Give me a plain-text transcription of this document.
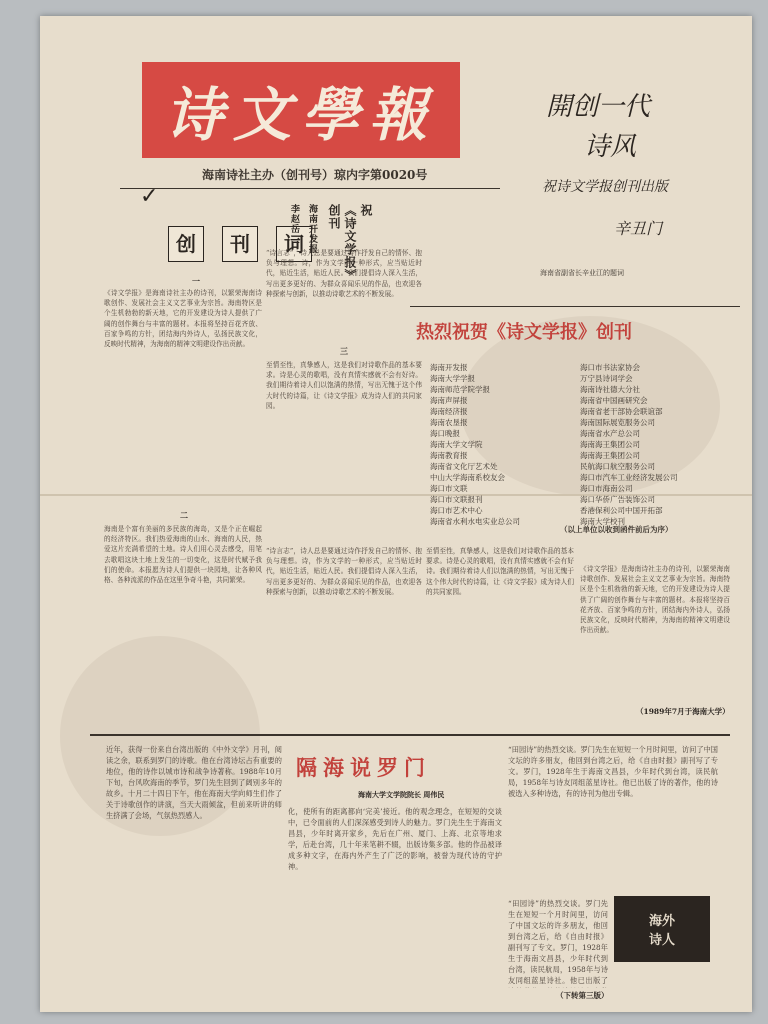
诗文學報
海南诗社主办（创刊号）琼内字第0020号
✓
開创一代
诗风
祝诗文学报创刊出版
辛丑门
海南省副省长辛业江的题词
创	刊	词
祝
《诗文学报》
创刊
海南开发报
李赵岳
一
《诗文学报》是海南诗社主办的诗刊，以繁荣海南诗歌创作、发展社会主义文艺事业为宗旨。海南特区是个生机勃勃的新天地，它的开发建设为诗人提供了广阔的创作舞台与丰富的题材。本报将坚持百花齐放、百家争鸣的方针，团结海内外诗人，弘扬民族文化，反映时代精神，为海南的精神文明建设作出贡献。
“诗言志”，诗人总是要通过诗作抒发自己的情怀、抱负与理想。诗，作为文学的一种形式，应当贴近时代，贴近生活，贴近人民。我们提倡诗人深入生活，写出更多更好的、为群众喜闻乐见的作品，也欢迎各种探索与创新，以推动诗歌艺术的不断发展。
三
至情至性，真挚感人，这是我们对诗歌作品的基本要求。诗是心灵的歌唱，没有真情实感就不会有好诗。我们期待着诗人们以饱满的热情，写出无愧于这个伟大时代的诗篇，让《诗文学报》成为诗人们的共同家园。
二
海南是个富有美丽的多民族的海岛，又是个正在崛起的经济特区。我们热爱海南的山水、海南的人民，热爱这片充满希望的土地。诗人们用心灵去感受，用笔去歌唱这块土地上发生的一切变化，这是时代赋予我们的使命。本报愿为诗人们提供一块园地，让各种风格、各种流派的作品在这里争奇斗艳，共同繁荣。
“诗言志”，诗人总是要通过诗作抒发自己的情怀、抱负与理想。诗，作为文学的一种形式，应当贴近时代，贴近生活，贴近人民。我们提倡诗人深入生活，写出更多更好的、为群众喜闻乐见的作品，也欢迎各种探索与创新，以推动诗歌艺术的不断发展。
至情至性，真挚感人，这是我们对诗歌作品的基本要求。诗是心灵的歌唱，没有真情实感就不会有好诗。我们期待着诗人们以饱满的热情，写出无愧于这个伟大时代的诗篇，让《诗文学报》成为诗人们的共同家园。
《诗文学报》是海南诗社主办的诗刊，以繁荣海南诗歌创作、发展社会主义文艺事业为宗旨。海南特区是个生机勃勃的新天地，它的开发建设为诗人提供了广阔的创作舞台与丰富的题材。本报将坚持百花齐放、百家争鸣的方针，团结海内外诗人，弘扬民族文化，反映时代精神，为海南的精神文明建设作出贡献。
（1989年7月于海南大学）
热烈祝贺《诗文学报》创刊
海南开发报
海南大学学报
海南师范学院学报
海南声屏报
海南经济报
海南农垦报
海口晚报
海南大学文学院
海南教育报
海南省文化厅艺术处
中山大学海南系校友会
海口市文联
海口市文联报刊
海口市艺术中心
海南省水利水电实业总公司
海口市书法家协会
万宁县诗词学会
海南诗社德大分社
海南省中国画研究会
海南省老干部协会联谊部
海南国际展览服务公司
海南省水产总公司
海南海王集团公司
海南海王集团公司
民航海口航空服务公司
海口市汽车工业经济发展公司
海口市海南公司
海口华侨广告装饰公司
香港保利公司中国开拓部
海南大学校刊
（以上单位以收到函件前后为序）
近年，获得一份来自台湾出版的《中外文学》月刊，阅读之余，联系到罗门的诗歌。他在台湾诗坛占有重要的地位，他的诗作以城市诗和战争诗著称。1988年10月下旬，台风吹海南的季节，罗门先生回到了阔别多年的故乡。十月二十四日下午，他在海南大学向师生们作了关于诗歌创作的讲演，当天大雨倾盆，但前来听讲的师生挤满了会场，气氛热烈感人。
隔海说罗门
海南大学文学院院长 周伟民
化，使所有的距离都向‘完美’接近。他的观念理念，在短短的交谈中，已令面前的人们深深感受到诗人的魅力。罗门先生生于海南文昌县，少年时离开家乡，先后在广州、厦门、上海、北京等地求学，后赴台湾，几十年来笔耕不辍，出版诗集多部。他的作品被译成多种文字，在海内外产生了广泛的影响，被誉为现代诗的守护神。
“田园诗”的热烈交谈。罗门先生在短短一个月时间里，访问了中国文坛的许多朋友，他回到台湾之后，给《自由时报》副刊写了专文。罗门，1928年生于海南文昌县，少年时代到台湾，读民航局，1958年与诗友同组蓝星诗社。他已出版了诗的著作，他的诗被选入多种诗选，有的诗刊为他出专辑。
“田园诗”的热烈交谈。罗门先生在短短一个月时间里，访问了中国文坛的许多朋友，他回到台湾之后，给《自由时报》副刊写了专文。罗门，1928年生于海南文昌县，少年时代到台湾，读民航局，1958年与诗友同组蓝星诗社。他已出版了
（下转第三版）
海外
诗人
